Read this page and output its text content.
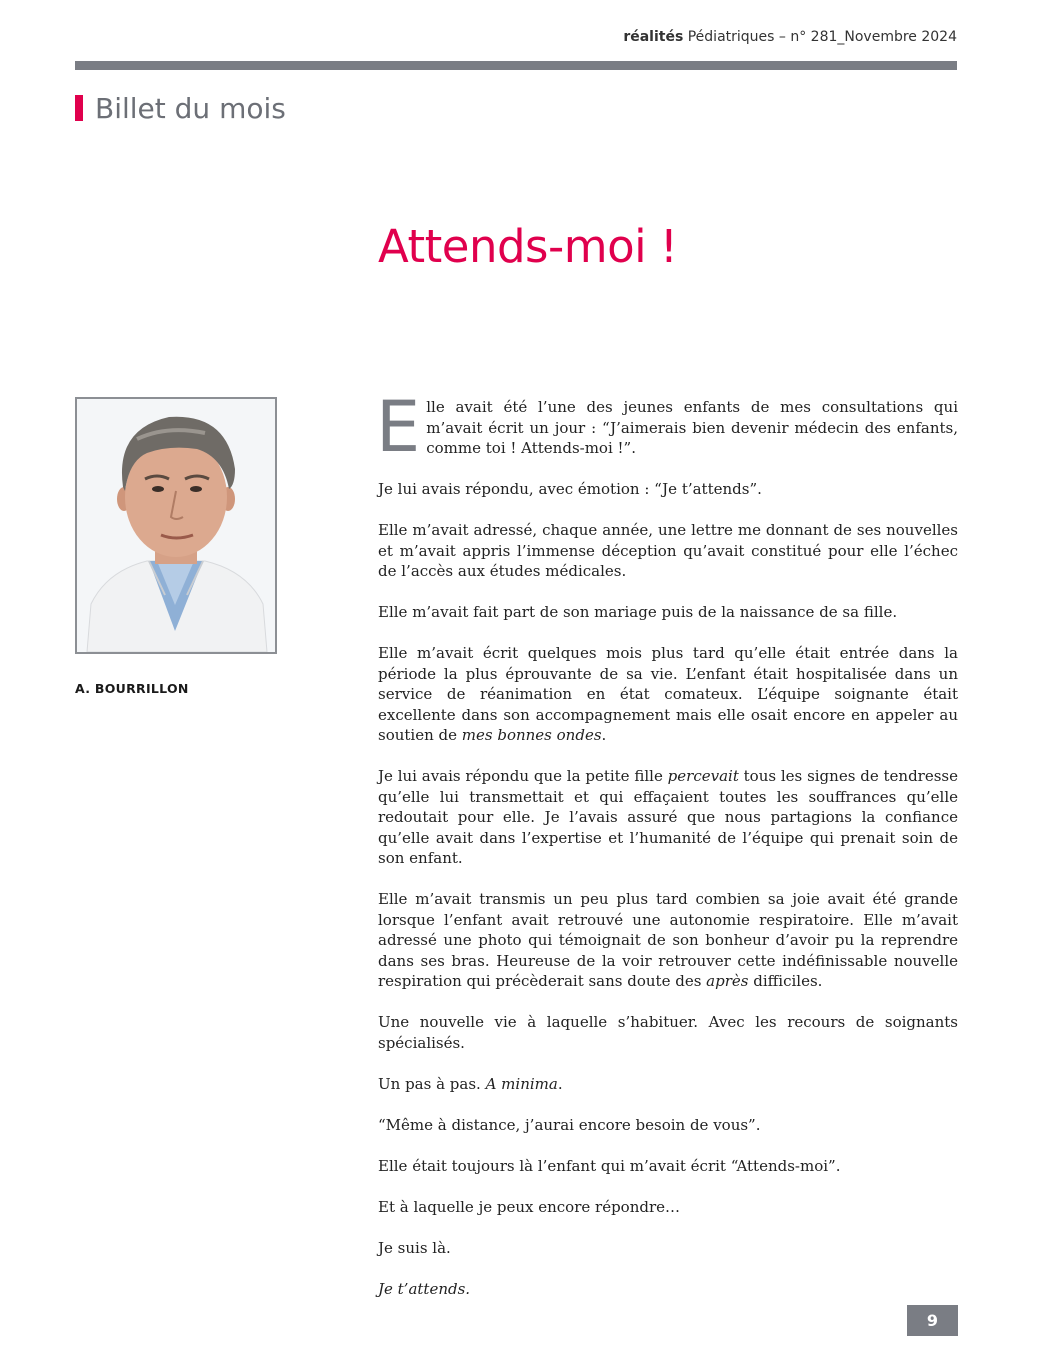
réalités Pédiatriques – n° 281_Novembre 2024
Billet du mois
Attends-moi !
A. BOURRILLON

Elle avait été l’une des jeunes enfants de mes consultations qui m’avait écrit un jour : “J’aimerais bien devenir médecin des enfants, comme toi ! Attends-moi !”.

Je lui avais répondu, avec émotion : “Je t’attends”.

Elle m’avait adressé, chaque année, une lettre me donnant de ses nouvelles et m’avait appris l’immense déception qu’avait constitué pour elle l’échec de l’accès aux études médicales.

Elle m’avait fait part de son mariage puis de la naissance de sa fille.

Elle m’avait écrit quelques mois plus tard qu’elle était entrée dans la période la plus éprouvante de sa vie. L’enfant était hospitalisée dans un service de réanimation en état comateux. L’équipe soignante était excellente dans son accompagnement mais elle osait encore en appeler au soutien de mes bonnes ondes.

Je lui avais répondu que la petite fille percevait tous les signes de tendresse qu’elle lui transmettait et qui effaçaient toutes les souffrances qu’elle redoutait pour elle. Je l’avais assuré que nous partagions la confiance qu’elle avait dans l’expertise et l’humanité de l’équipe qui prenait soin de son enfant.

Elle m’avait transmis un peu plus tard combien sa joie avait été grande lorsque l’enfant avait retrouvé une autonomie respiratoire. Elle m’avait adressé une photo qui témoignait de son bonheur d’avoir pu la reprendre dans ses bras. Heureuse de la voir retrouver cette indéfinissable nouvelle respiration qui précèderait sans doute des après difficiles.

Une nouvelle vie à laquelle s’habituer. Avec les recours de soignants spécialisés.

Un pas à pas. A minima.

“Même à distance, j’aurai encore besoin de vous”.

Elle était toujours là l’enfant qui m’avait écrit “Attends-moi”.

Et à laquelle je peux encore répondre…

Je suis là.

Je t’attends.

9
